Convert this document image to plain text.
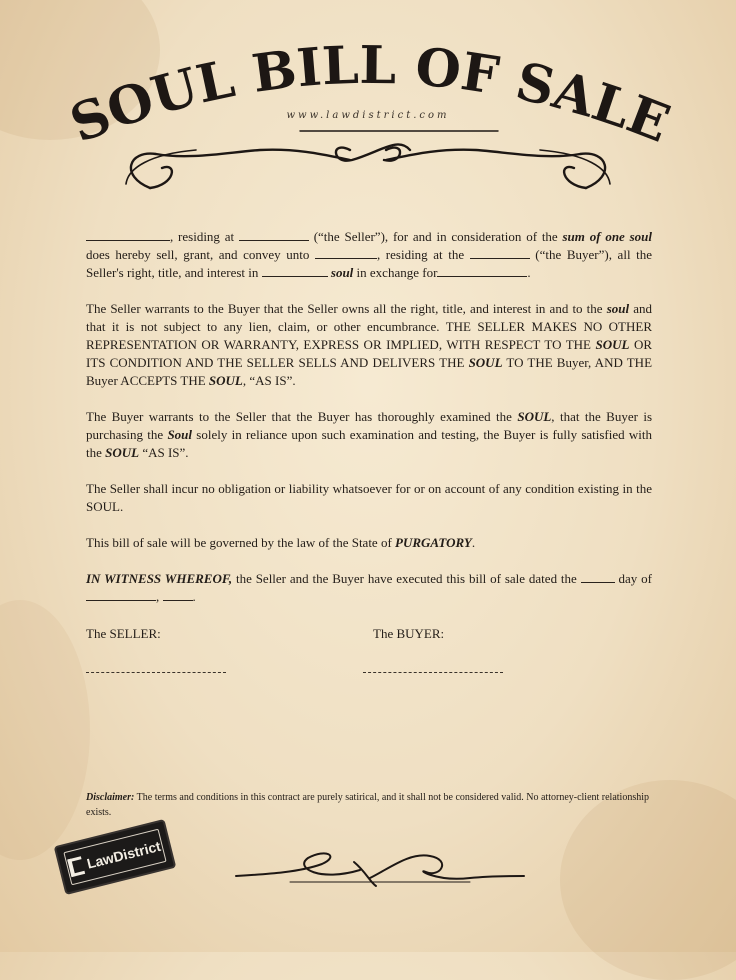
SOUL BILL OF SALE
www.lawdistrict.com

, residing at	(“the Seller”), for and in consideration of the sum of one soul does hereby sell, grant, and convey unto	, residing at the	(“the Buyer”), all the Seller's right, title, and interest in	soul in exchange for	.

The Seller warrants to the Buyer that the Seller owns all the right, title, and interest in and to the soul and that it is not subject to any lien, claim, or other encumbrance. THE SELLER MAKES NO OTHER REPRESENTATION OR WARRANTY, EXPRESS OR IMPLIED, WITH RESPECT TO THE SOUL OR ITS CONDITION AND THE SELLER SELLS AND DELIVERS THE SOUL TO THE Buyer, AND THE Buyer ACCEPTS THE SOUL, “AS IS”.

The Buyer warrants to the Seller that the Buyer has thoroughly examined the SOUL, that the Buyer is purchasing the Soul solely in reliance upon such examination and testing, the Buyer is fully satisfied with the SOUL “AS IS”.

The Seller shall incur no obligation or liability whatsoever for or on account of any condition existing in the SOUL.

This bill of sale will be governed by the law of the State of PURGATORY.

IN WITNESS WHEREOF, the Seller and the Buyer have executed this bill of sale dated the	day of ,	.

The SELLER:	The BUYER:
Disclaimer: The terms and conditions in this contract are purely satirical, and it shall not be considered valid. No attorney-client relationship exists.
LawDistrict
